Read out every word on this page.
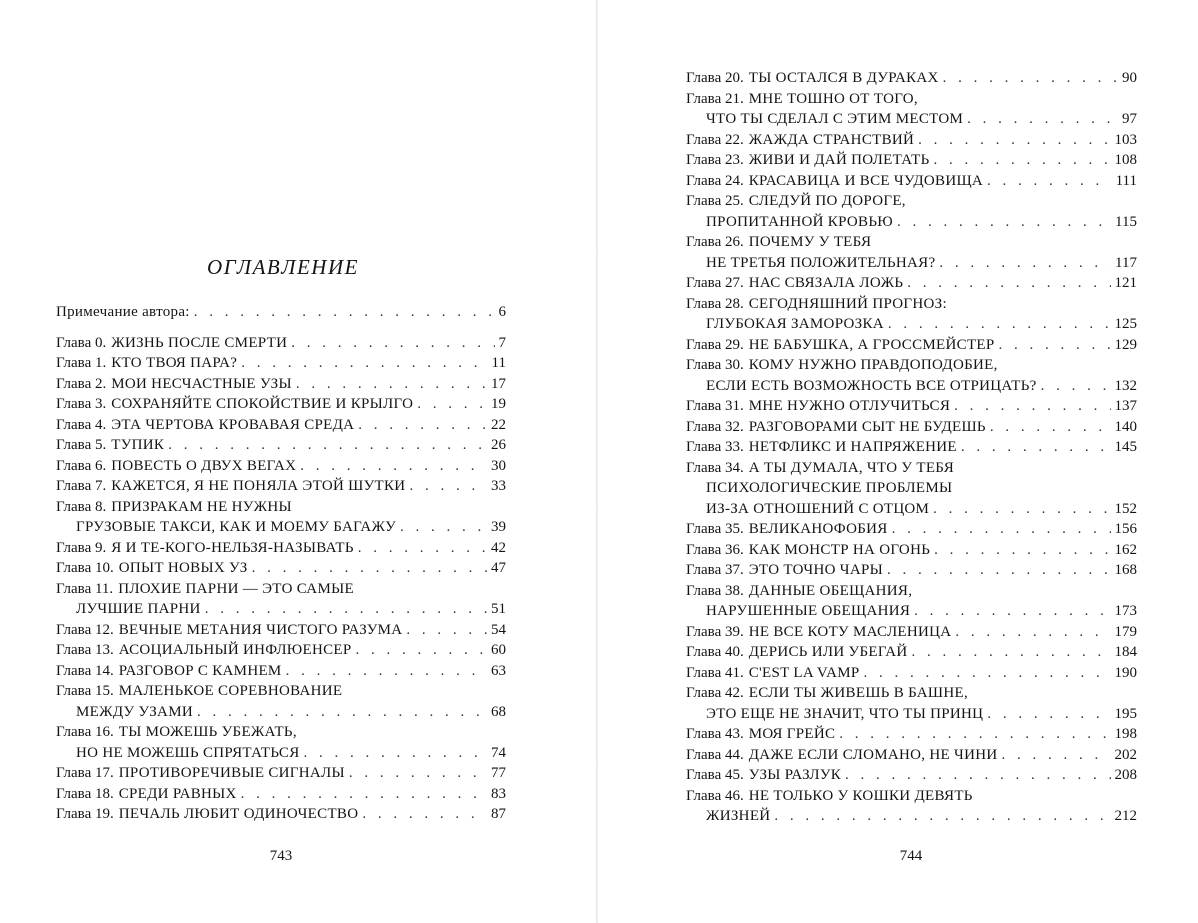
ОГЛАВЛЕНИЕ
Примечание автора: . . .	6
Глава 0. ЖИЗНЬ ПОСЛЕ СМЕРТИ . . .	7
Глава 1. КТО ТВОЯ ПАРА? . . .	11
Глава 2. МОИ НЕСЧАСТНЫЕ УЗЫ . . .	17
Глава 3. СОХРАНЯЙТЕ СПОКОЙСТВИЕ И КРЫЛГО . . .	19
Глава 4. ЭТА ЧЕРТОВА КРОВАВАЯ СРЕДА . . .	22
Глава 5. ТУПИК . . .	26
Глава 6. ПОВЕСТЬ О ДВУХ ВЕГАХ . . .	30
Глава 7. КАЖЕТСЯ, Я НЕ ПОНЯЛА ЭТОЙ ШУТКИ . . .	33
Глава 8. ПРИЗРАКАМ НЕ НУЖНЫ
ГРУЗОВЫЕ ТАКСИ, КАК И МОЕМУ БАГАЖУ . . .	39
Глава 9. Я И ТЕ-КОГО-НЕЛЬЗЯ-НАЗЫВАТЬ . . .	42
Глава 10. ОПЫТ НОВЫХ УЗ . . .	47
Глава 11. ПЛОХИЕ ПАРНИ — ЭТО САМЫЕ
ЛУЧШИЕ ПАРНИ . . .	51
Глава 12. ВЕЧНЫЕ МЕТАНИЯ ЧИСТОГО РАЗУМА . . .	54
Глава 13. АСОЦИАЛЬНЫЙ ИНФЛЮЕНСЕР . . .	60
Глава 14. РАЗГОВОР С КАМНЕМ . . .	63
Глава 15. МАЛЕНЬКОЕ СОРЕВНОВАНИЕ
МЕЖДУ УЗАМИ . . .	68
Глава 16. ТЫ МОЖЕШЬ УБЕЖАТЬ,
НО НЕ МОЖЕШЬ СПРЯТАТЬСЯ . . .	74
Глава 17. ПРОТИВОРЕЧИВЫЕ СИГНАЛЫ . . .	77
Глава 18. СРЕДИ РАВНЫХ . . .	83
Глава 19. ПЕЧАЛЬ ЛЮБИТ ОДИНОЧЕСТВО . . .	87
743	744
Глава 20. ТЫ ОСТАЛСЯ В ДУРАКАХ . . .	90
Глава 21. МНЕ ТОШНО ОТ ТОГО,
ЧТО ТЫ СДЕЛАЛ С ЭТИМ МЕСТОМ . . .	97
Глава 22. ЖАЖДА СТРАНСТВИЙ . . .	103
Глава 23. ЖИВИ И ДАЙ ПОЛЕТАТЬ . . .	108
Глава 24. КРАСАВИЦА И ВСЕ ЧУДОВИЩА . . .	111
Глава 25. СЛЕДУЙ ПО ДОРОГЕ,
ПРОПИТАННОЙ КРОВЬЮ . . .	115
Глава 26. ПОЧЕМУ У ТЕБЯ
НЕ ТРЕТЬЯ ПОЛОЖИТЕЛЬНАЯ? . . .	117
Глава 27. НАС СВЯЗАЛА ЛОЖЬ . . .	121
Глава 28. СЕГОДНЯШНИЙ ПРОГНОЗ:
ГЛУБОКАЯ ЗАМОРОЗКА . . .	125
Глава 29. НЕ БАБУШКА, А ГРОССМЕЙСТЕР . . .	129
Глава 30. КОМУ НУЖНО ПРАВДОПОДОБИЕ,
ЕСЛИ ЕСТЬ ВОЗМОЖНОСТЬ ВСЕ ОТРИЦАТЬ? . . .	132
Глава 31. МНЕ НУЖНО ОТЛУЧИТЬСЯ . . .	137
Глава 32. РАЗГОВОРАМИ СЫТ НЕ БУДЕШЬ . . .	140
Глава 33. НЕТФЛИКС И НАПРЯЖЕНИЕ . . .	145
Глава 34. А ТЫ ДУМАЛА, ЧТО У ТЕБЯ
ПСИХОЛОГИЧЕСКИЕ ПРОБЛЕМЫ
ИЗ-ЗА ОТНОШЕНИЙ С ОТЦОМ . . .	152
Глава 35. ВЕЛИКАНОФОБИЯ . . .	156
Глава 36. КАК МОНСТР НА ОГОНЬ . . .	162
Глава 37. ЭТО ТОЧНО ЧАРЫ . . .	168
Глава 38. ДАННЫЕ ОБЕЩАНИЯ,
НАРУШЕННЫЕ ОБЕЩАНИЯ . . .	173
Глава 39. НЕ ВСЕ КОТУ МАСЛЕНИЦА . . .	179
Глава 40. ДЕРИСЬ ИЛИ УБЕГАЙ . . .	184
Глава 41. C'EST LA VAMP . . .	190
Глава 42. ЕСЛИ ТЫ ЖИВЕШЬ В БАШНЕ,
ЭТО ЕЩЕ НЕ ЗНАЧИТ, ЧТО ТЫ ПРИНЦ . . .	195
Глава 43. МОЯ ГРЕЙС . . .	198
Глава 44. ДАЖЕ ЕСЛИ СЛОМАНО, НЕ ЧИНИ . . .	202
Глава 45. УЗЫ РАЗЛУК . . .	208
Глава 46. НЕ ТОЛЬКО У КОШКИ ДЕВЯТЬ
ЖИЗНЕЙ . . .	212
